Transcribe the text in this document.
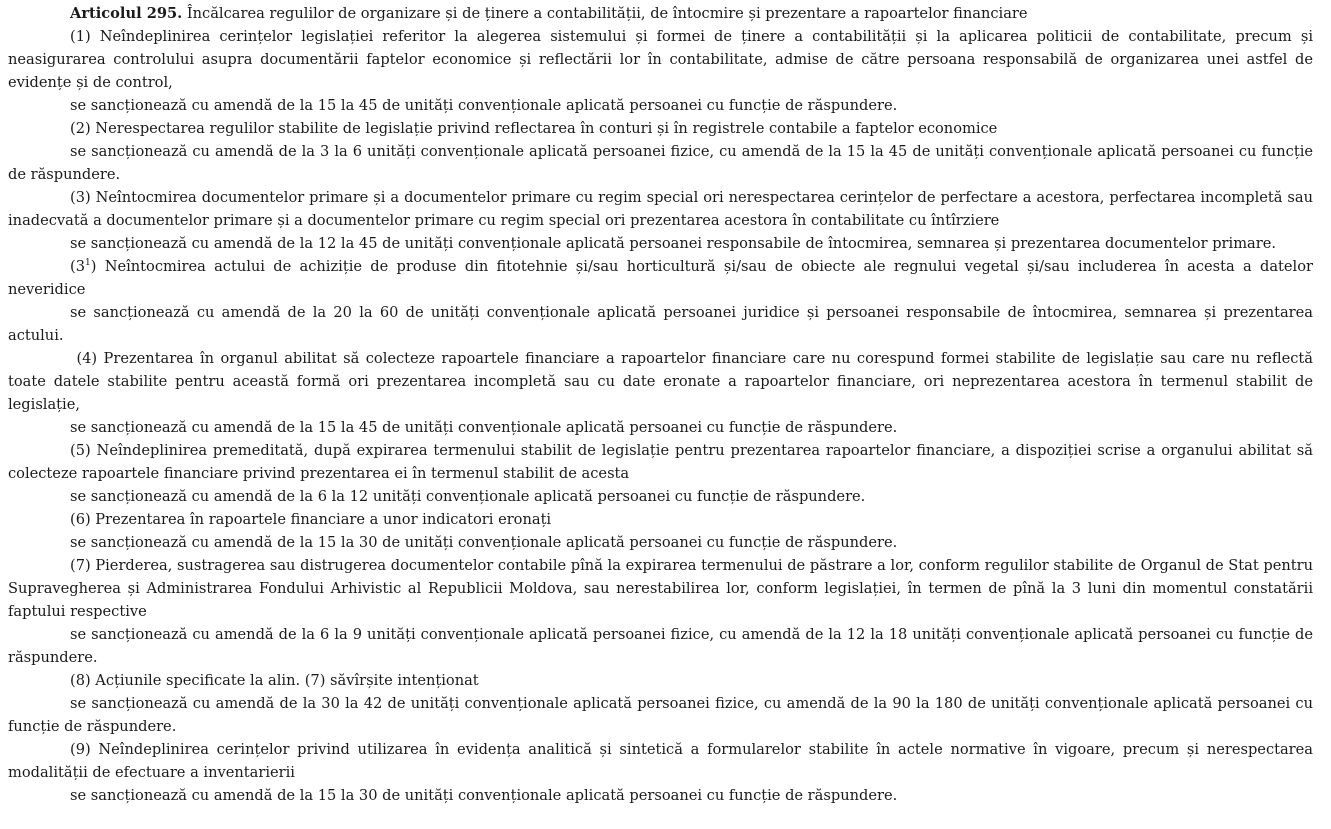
Articolul 295. Încălcarea regulilor de organizare și de ținere a contabilității, de întocmire și prezentare a rapoartelor financiare

(1) Neîndeplinirea cerințelor legislației referitor la alegerea sistemului și formei de ținere a contabilității și la aplicarea politicii de contabilitate, precum și neasigurarea controlului asupra documentării faptelor economice și reflectării lor în contabilitate, admise de către persoana responsabilă de organizarea unei astfel de evidențe și de control,

se sancționează cu amendă de la 15 la 45 de unități convenționale aplicată persoanei cu funcție de răspundere.

(2) Nerespectarea regulilor stabilite de legislație privind reflectarea în conturi și în registrele contabile a faptelor economice

se sancționează cu amendă de la 3 la 6 unități convenționale aplicată persoanei fizice, cu amendă de la 15 la 45 de unități convenționale aplicată persoanei cu funcție de răspundere.

(3) Neîntocmirea documentelor primare și a documentelor primare cu regim special ori nerespectarea cerințelor de perfectare a acestora, perfectarea incompletă sau inadecvată a documentelor primare și a documentelor primare cu regim special ori prezentarea acestora în contabilitate cu întîrziere

se sancționează cu amendă de la 12 la 45 de unități convenționale aplicată persoanei responsabile de întocmirea, semnarea și prezentarea documentelor primare.

$(3^1)$ Neîntocmirea actului de achiziție de produse din fitotehnie și/sau horticultură și/sau de obiecte ale regnului vegetal și/sau includerea în acesta a datelor neveridice

se sancționează cu amendă de la 20 la 60 de unități convenționale aplicată persoanei juridice și persoanei responsabile de întocmirea, semnarea și prezentarea actului.

(4) Prezentarea în organul abilitat să colecteze rapoartele financiare a rapoartelor financiare care nu corespund formei stabilite de legislație sau care nu reflectă toate datele stabilite pentru această formă ori prezentarea incompletă sau cu date eronate a rapoartelor financiare, ori neprezentarea acestora în termenul stabilit de legislație,

se sancționează cu amendă de la 15 la 45 de unități convenționale aplicată persoanei cu funcție de răspundere.

(5) Neîndeplinirea premeditată, după expirarea termenului stabilit de legislație pentru prezentarea rapoartelor financiare, a dispoziției scrise a organului abilitat să colecteze rapoartele financiare privind prezentarea ei în termenul stabilit de acesta

se sancționează cu amendă de la 6 la 12 unități convenționale aplicată persoanei cu funcție de răspundere.

(6) Prezentarea în rapoartele financiare a unor indicatori eronați

se sancționează cu amendă de la 15 la 30 de unități convenționale aplicată persoanei cu funcție de răspundere.

(7) Pierderea, sustragerea sau distrugerea documentelor contabile pînă la expirarea termenului de păstrare a lor, conform regulilor stabilite de Organul de Stat pentru Supravegherea și Administrarea Fondului Arhivistic al Republicii Moldova, sau nerestabilirea lor, conform legislației, în termen de pînă la 3 luni din momentul constatării faptului respective

se sancționează cu amendă de la 6 la 9 unități convenționale aplicată persoanei fizice, cu amendă de la 12 la 18 unități convenționale aplicată persoanei cu funcție de răspundere.

(8) Acțiunile specificate la alin. (7) săvîrșite intenționat

se sancționează cu amendă de la 30 la 42 de unități convenționale aplicată persoanei fizice, cu amendă de la 90 la 180 de unități convenționale aplicată persoanei cu funcție de răspundere.

(9) Neîndeplinirea cerințelor privind utilizarea în evidența analitică și sintetică a formularelor stabilite în actele normative în vigoare, precum și nerespectarea modalității de efectuare a inventarierii

se sancționează cu amendă de la 15 la 30 de unități convenționale aplicată persoanei cu funcție de răspundere.
